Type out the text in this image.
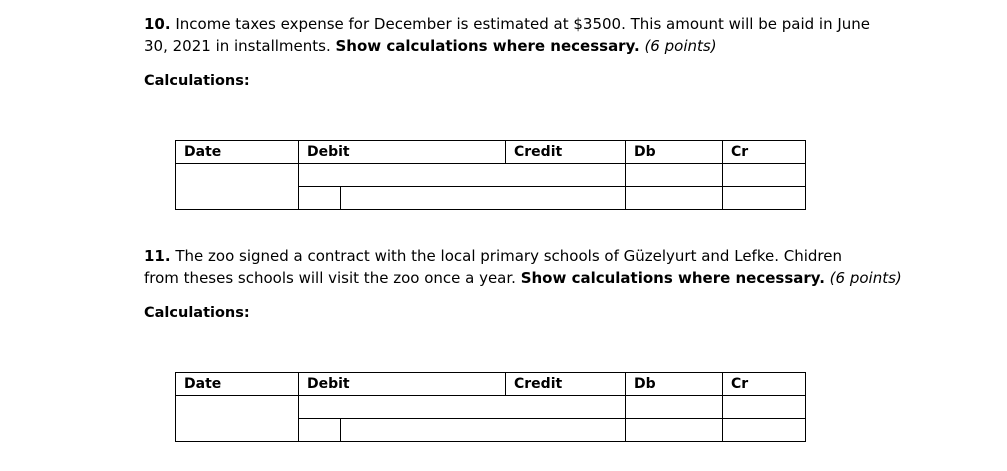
10. Income taxes expense for December is estimated at $3500. This amount will be paid in June
30, 2021 in installments. Show calculations where necessary. (6 points)
Calculations:
Date	Debit	Credit	Db	Cr
11. The zoo signed a contract with the local primary schools of Güzelyurt and Lefke. Chidren
from theses schools will visit the zoo once a year. Show calculations where necessary. (6 points)
Calculations:
Date	Debit	Credit	Db	Cr
